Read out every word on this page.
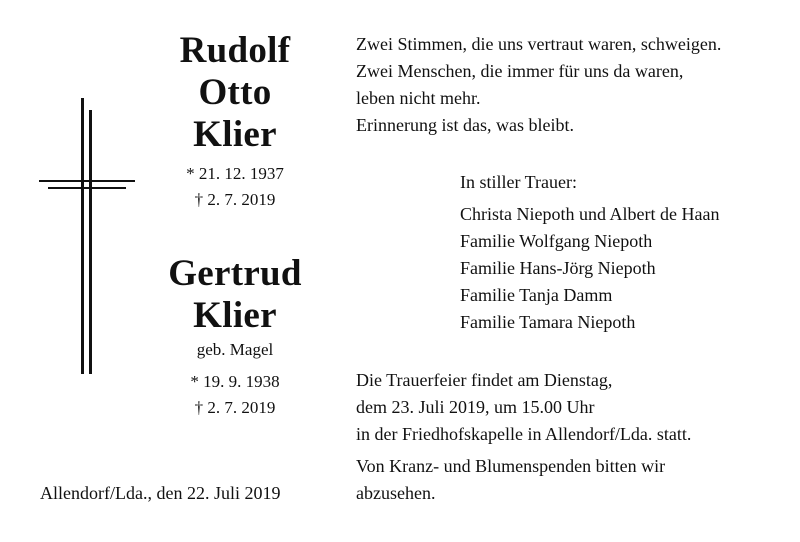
Rudolf
Otto
Klier
* 21. 12. 1937
† 2. 7. 2019
Gertrud
Klier
geb. Magel
* 19. 9. 1938
† 2. 7. 2019
Allendorf/Lda., den 22. Juli 2019
Zwei Stimmen, die uns vertraut waren, schweigen.
Zwei Menschen, die immer für uns da waren,
leben nicht mehr.
Erinnerung ist das, was bleibt.
In stiller Trauer:
Christa Niepoth und Albert de Haan
Familie Wolfgang Niepoth
Familie Hans-Jörg Niepoth
Familie Tanja Damm
Familie Tamara Niepoth
Die Trauerfeier findet am Dienstag,
dem 23. Juli 2019, um 15.00 Uhr
in der Friedhofskapelle in Allendorf/Lda. statt.
Von Kranz- und Blumenspenden bitten wir
abzusehen.
